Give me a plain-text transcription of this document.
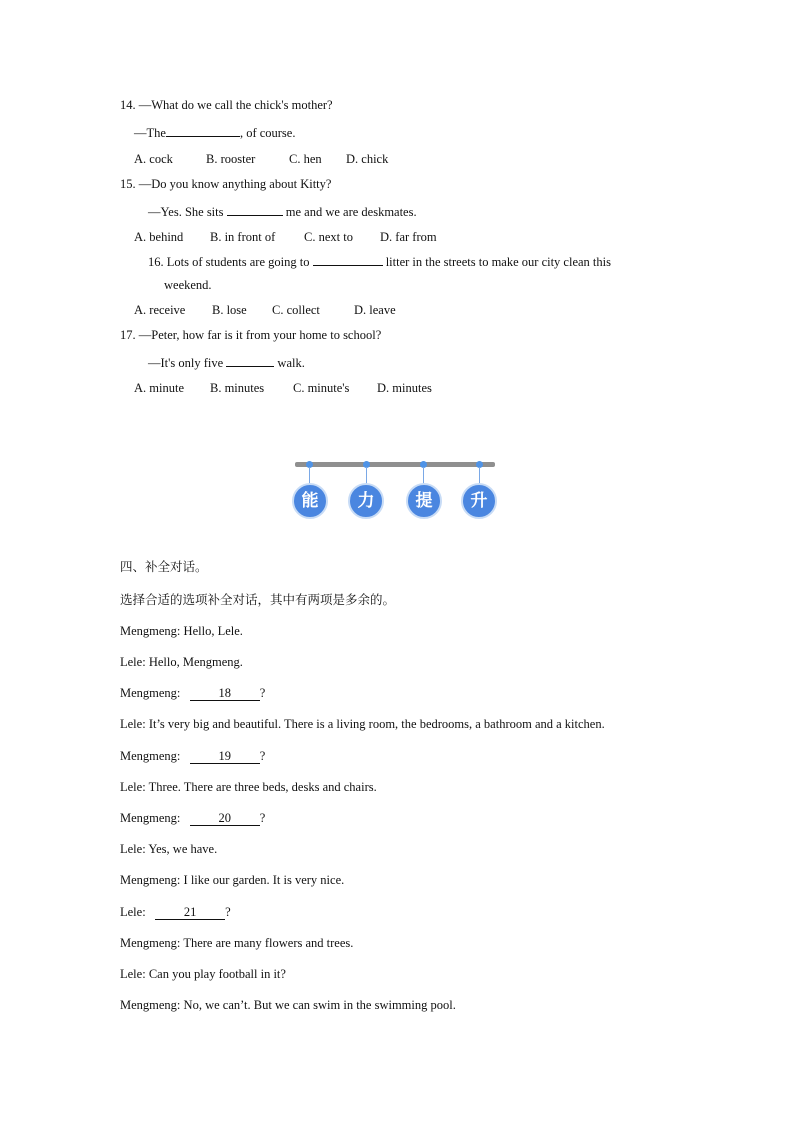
14. —What do we call the chick's mother?
—The	, of course.
A. cock	B. rooster	C. hen D. chick
15. —Do you know anything about Kitty?
—Yes. She sits	me and we are deskmates.
A. behind B. in front of C. next to D. far from
16. Lots of students are going to	litter in the streets to make our city clean this
weekend.
A. receive B. lose C. collect	D. leave
17. —Peter, how far is it from your home to school?
—It's only five	walk.
A. minute B. minutes C. minute's D. minutes
能	力	提	升
四、补全对话。
选择合适的选项补全对话，其中有两项是多余的。
Mengmeng: Hello, Lele.
Lele: Hello, Mengmeng.
Mengmeng:	18 ?
Lele: It’s very big and beautiful. There is a living room, the bedrooms, a bathroom and a kitchen.
Mengmeng:	19 ?
Lele: Three. There are three beds, desks and chairs.
Mengmeng:	20 ?
Lele: Yes, we have.
Mengmeng: I like our garden. It is very nice.
Lele:	21 ?
Mengmeng: There are many flowers and trees.
Lele: Can you play football in it?
Mengmeng: No, we can’t. But we can swim in the swimming pool.
